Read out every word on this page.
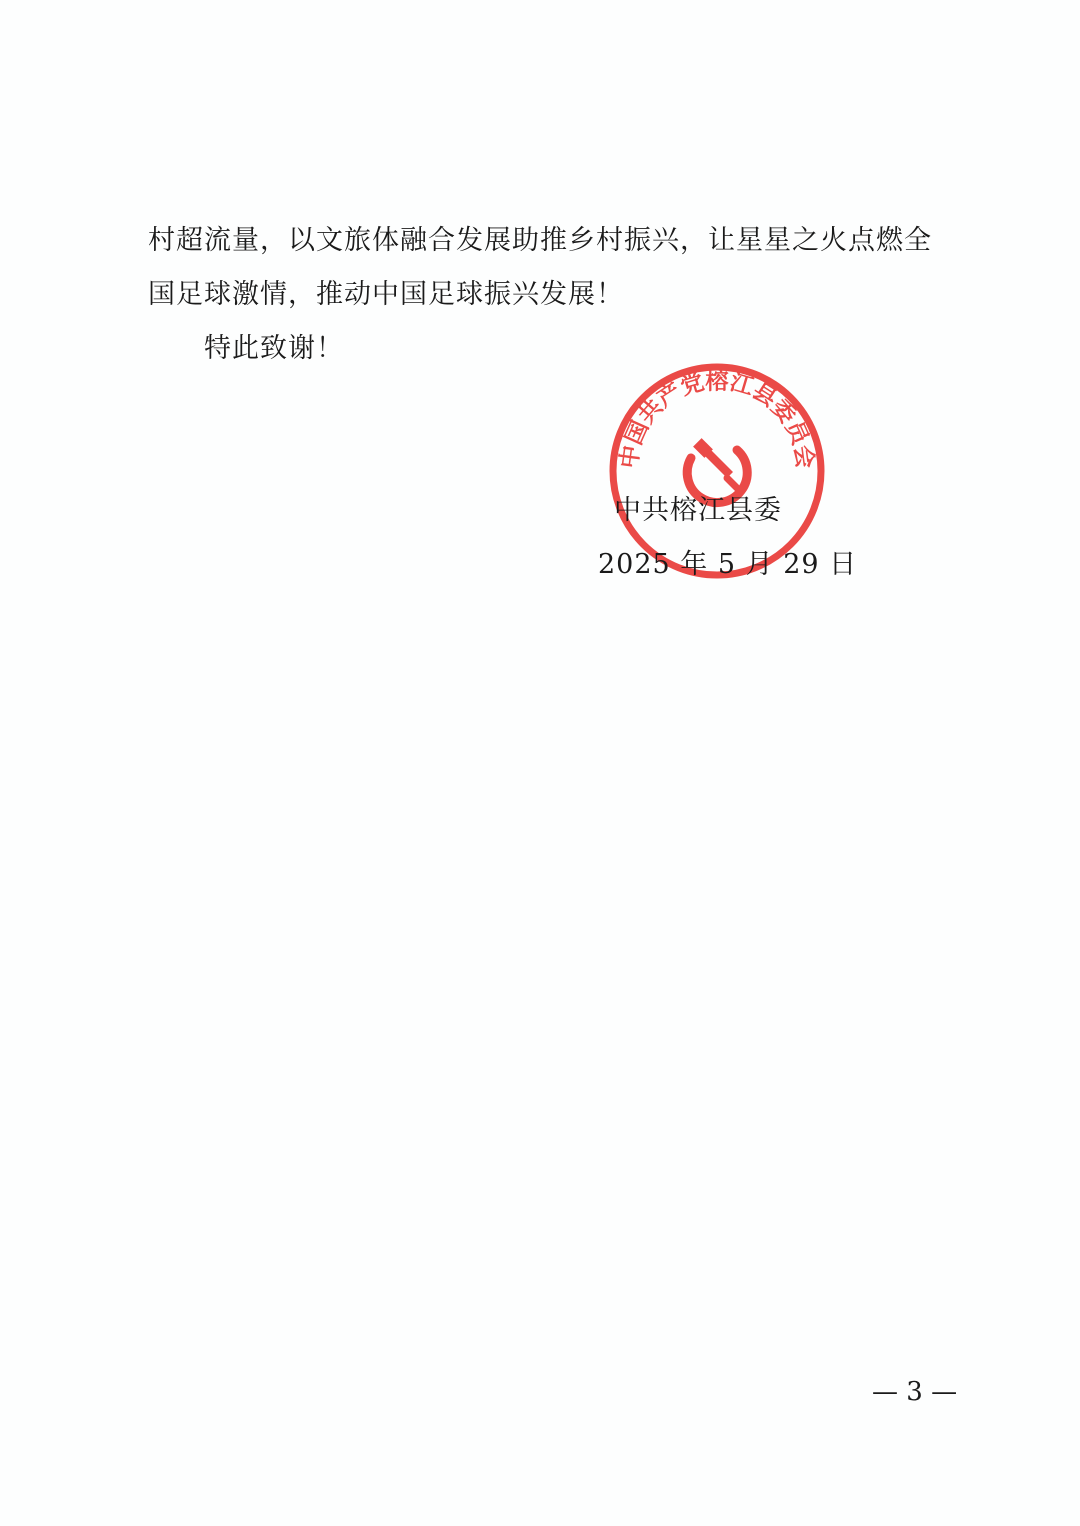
村超流量，以文旅体融合发展助推乡村振兴，让星星之火点燃全
国足球激情，推动中国足球振兴发展！
特此致谢！
中国共产党榕江县委员会
中共榕江县委
2025 年 5 月 29 日
— 3 —
